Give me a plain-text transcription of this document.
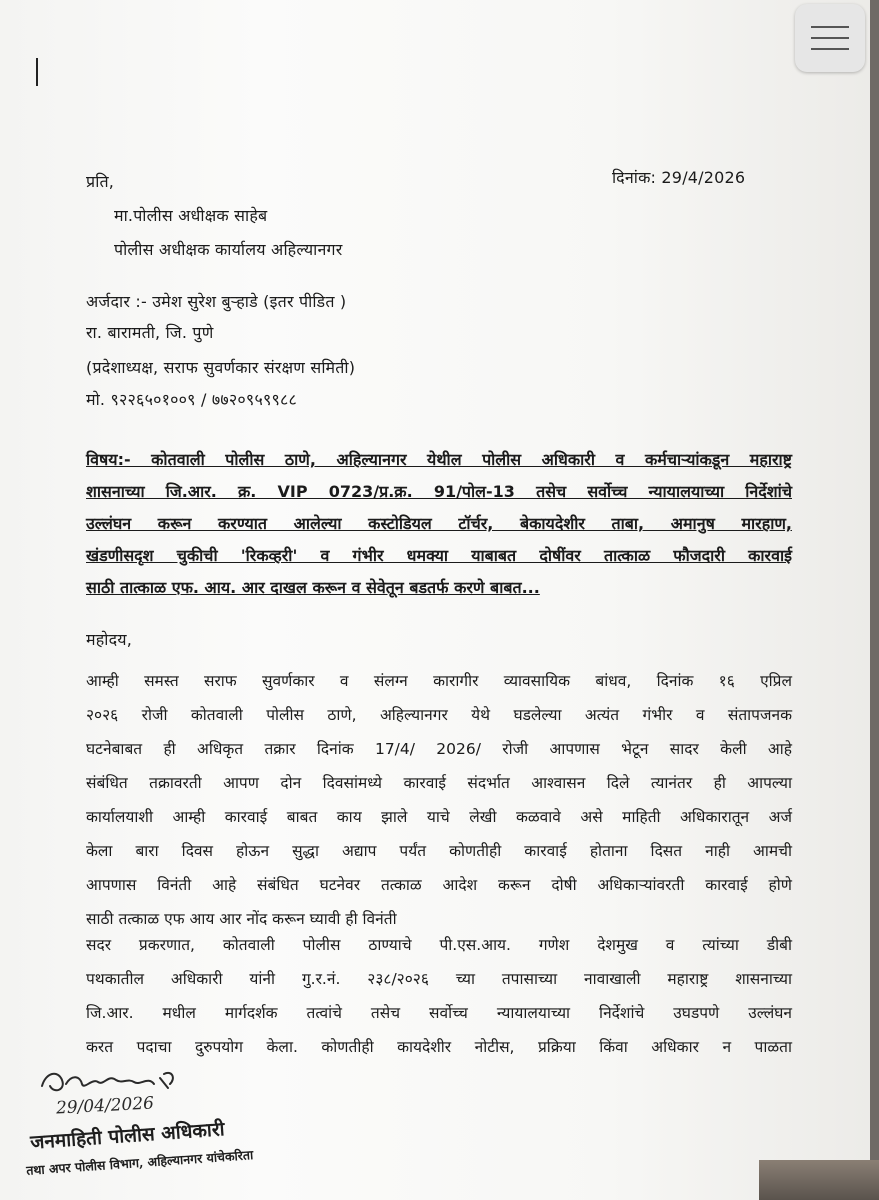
दिनांक: 29/4/2026
प्रति,
मा.पोलीस अधीक्षक साहेब
पोलीस अधीक्षक कार्यालय अहिल्यानगर
अर्जदार :- उमेश सुरेश बुऱ्हाडे (इतर पीडित )
रा. बारामती, जि. पुणे
(प्रदेशाध्यक्ष, सराफ सुवर्णकार संरक्षण समिती)
मो. ९२२६५०१००९ / ७७२०९५९९८८
विषय:- कोतवाली पोलीस ठाणे, अहिल्यानगर येथील पोलीस अधिकारी व कर्मचाऱ्यांकडून महाराष्ट्र
शासनाच्या जि.आर. क्र. VIP 0723/प्र.क्र. 91/पोल-13 तसेच सर्वोच्च न्यायालयाच्या निर्देशांचे
उल्लंघन करून करण्यात आलेल्या कस्टोडियल टॉर्चर, बेकायदेशीर ताबा, अमानुष मारहाण,
खंडणीसदृश चुकीची 'रिकव्हरी' व गंभीर धमक्या याबाबत दोषींवर तात्काळ फौजदारी कारवाई
साठी तात्काळ एफ. आय. आर दाखल करून व सेवेतून बडतर्फ करणे बाबत...
महोदय,
आम्ही समस्त सराफ सुवर्णकार व संलग्न कारागीर व्यावसायिक बांधव, दिनांक १६ एप्रिल
२०२६ रोजी कोतवाली पोलीस ठाणे, अहिल्यानगर येथे घडलेल्या अत्यंत गंभीर व संतापजनक
घटनेबाबत ही अधिकृत तक्रार दिनांक 17/4/ 2026/ रोजी आपणास भेटून सादर केली आहे
संबंधित तक्रावरती आपण दोन दिवसांमध्ये कारवाई संदर्भात आश्वासन दिले त्यानंतर ही आपल्या
कार्यालयाशी आम्ही कारवाई बाबत काय झाले याचे लेखी कळवावे असे माहिती अधिकारातून अर्ज
केला बारा दिवस होऊन सुद्धा अद्याप पर्यंत कोणतीही कारवाई होताना दिसत नाही आमची
आपणास विनंती आहे संबंधित घटनेवर तत्काळ आदेश करून दोषी अधिकाऱ्यांवरती कारवाई होणे
साठी तत्काळ एफ आय आर नोंद करून घ्यावी ही विनंती
सदर प्रकरणात, कोतवाली पोलीस ठाण्याचे पी.एस.आय. गणेश देशमुख व त्यांच्या डीबी
पथकातील अधिकारी यांनी गु.र.नं. २३८/२०२६ च्या तपासाच्या नावाखाली महाराष्ट्र शासनाच्या
जि.आर. मधील मार्गदर्शक तत्वांचे तसेच सर्वोच्च न्यायालयाच्या निर्देशांचे उघडपणे उल्लंघन
करत पदाचा दुरुपयोग केला. कोणतीही कायदेशीर नोटीस, प्रक्रिया किंवा अधिकार न पाळता
29/04/2026
जनमाहिती पोलीस अधिकारी
तथा अपर पोलीस विभाग, अहिल्यानगर यांचेकरिता
